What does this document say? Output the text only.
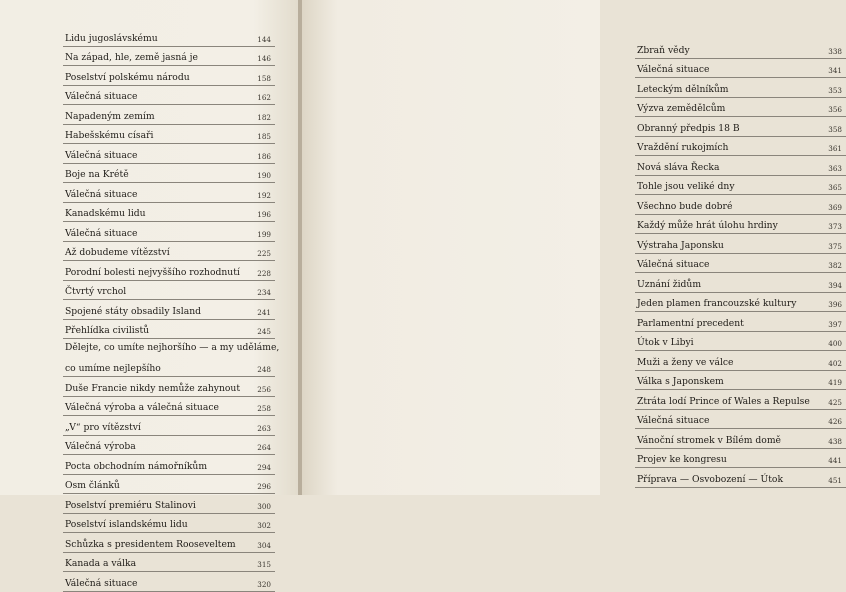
Lidu jugoslávskému	144
Na západ, hle, země jasná je	146
Poselství polskému národu	158
Válečná situace	162
Napadeným zemím	182
Habešskému císaři	185
Válečná situace	186
Boje na Krétě	190
Válečná situace	192
Kanadskému lidu	196
Válečná situace	199
Až dobudeme vítězství	225
Porodní bolesti nejvyššího rozhodnutí 228
Čtvrtý vrchol	234
Spojené státy obsadily Island	241
Přehlídka civilistů	245
Dělejte, co umíte nejhoršího — a my uděláme,
co umíme nejlepšího	248
Duše Francie nikdy nemůže zahynout 256
Válečná výroba a válečná situace	258
„V“ pro vítězství	263
Válečná výroba	264
Pocta obchodním námořníkům	294
Osm článků	296
Poselství premiéru Stalinovi	300
Poselství islandskému lidu	302
Schůzka s presidentem Rooseveltem	304
Kanada a válka	315
Válečná situace	320
Zbraň vědy	338
Válečná situace	341
Leteckým dělníkům	353
Výzva zemědělcům	356
Obranný předpis 18 B	358
Vraždění rukojmích	361
Nová sláva Řecka	363
Tohle jsou veliké dny	365
Všechno bude dobré	369
Každý může hrát úlohu hrdiny	373
Výstraha Japonsku	375
Válečná situace	382
Uznání židům	394
Jeden plamen francouzské kultury	396
Parlamentní precedent	397
Útok v Libyi	400
Muži a ženy ve válce	402
Válka s Japonskem	419
Ztráta lodí Prince of Wales a Repulse	425
Válečná situace	426
Vánoční stromek v Bílém domě	438
Projev ke kongresu	441
Příprava — Osvobození — Útok	451
